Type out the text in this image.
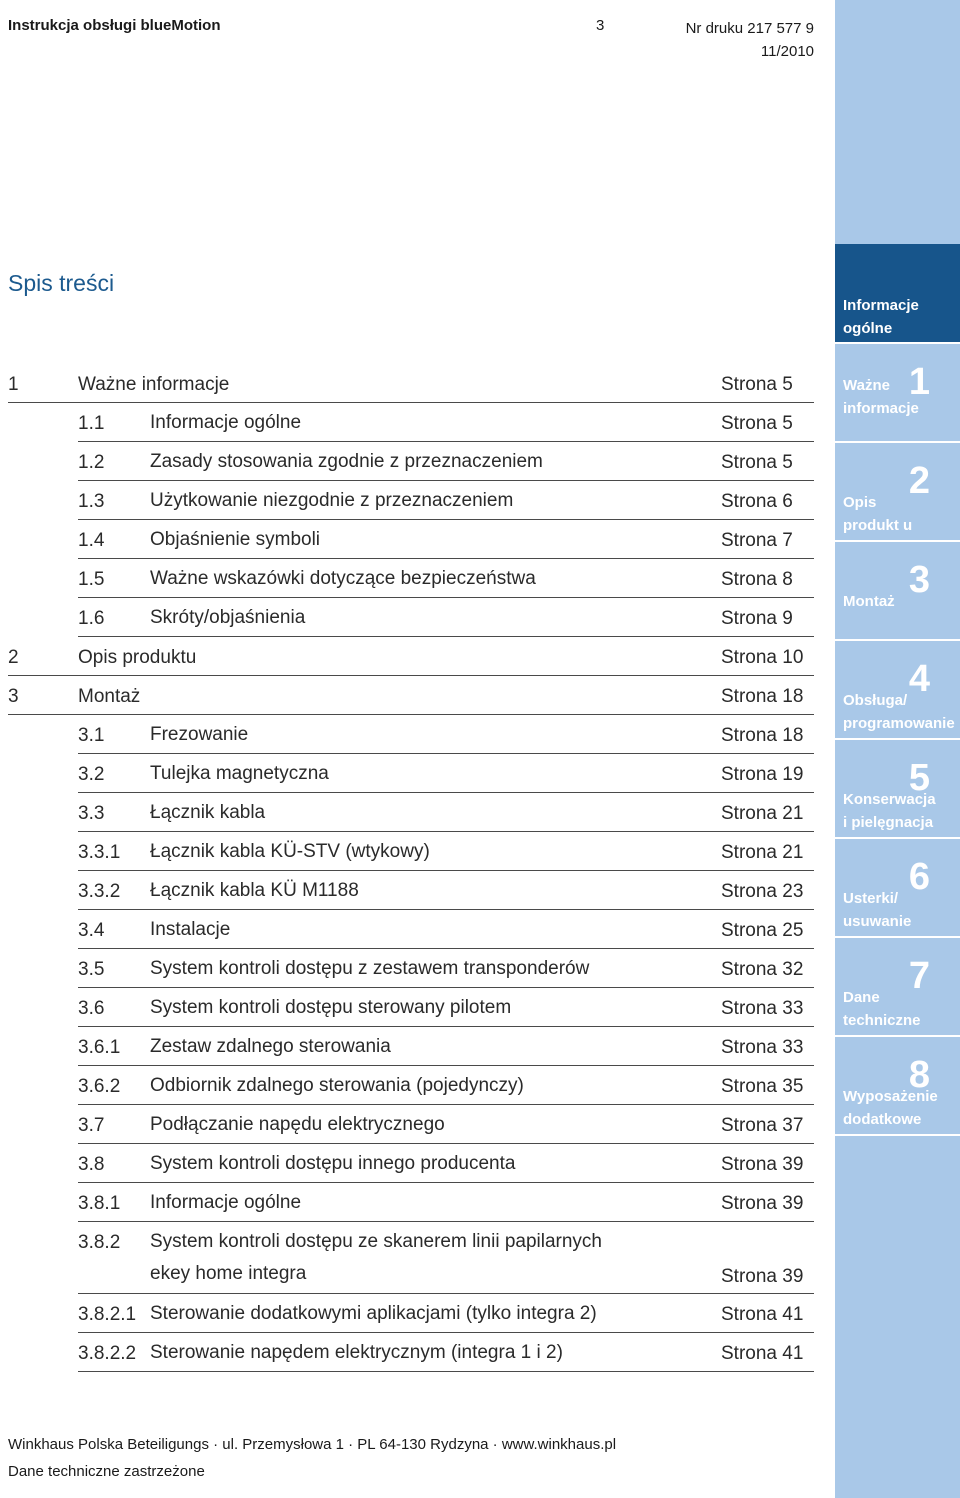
Instrukcja obsługi blueMotion	3	Nr druku 217 577 9
11/2010
Spis treści
1	Ważne informacje	Strona 5
1.1 Informacje ogólne	Strona 5
1.2 Zasady stosowania zgodnie z przeznaczeniem	Strona 5
1.3 Użytkowanie niezgodnie z przeznaczeniem	Strona 6
1.4 Objaśnienie symboli	Strona 7
1.5 Ważne wskazówki dotyczące bezpieczeństwa	Strona 8
1.6 Skróty/objaśnienia	Strona 9
2	Opis produktu	Strona 10
3	Montaż	Strona 18
3.1 Frezowanie	Strona 18
3.2 Tulejka magnetyczna	Strona 19
3.3 Łącznik kabla	Strona 21
3.3.1 Łącznik kabla KÜ-STV (wtykowy)	Strona 21
3.3.2 Łącznik kabla KÜ M1188	Strona 23
3.4 Instalacje	Strona 25
3.5 System kontroli dostępu z zestawem transponderów	Strona 32
3.6 System kontroli dostępu sterowany pilotem	Strona 33
3.6.1 Zestaw zdalnego sterowania	Strona 33
3.6.2 Odbiornik zdalnego sterowania (pojedynczy)	Strona 35
3.7 Podłączanie napędu elektrycznego	Strona 37
3.8 System kontroli dostępu innego producenta	Strona 39
3.8.1 Informacje ogólne	Strona 39
3.8.2 System kontroli dostępu ze skanerem linii papilarnych
ekey home integra	Strona 39
3.8.2.1 Sterowanie dodatkowymi aplikacjami (tylko integra 2)	Strona 41
3.8.2.2 Sterowanie napędem elektrycznym (integra 1 i 2)	Strona 41
Informacje
ogólne
1
Ważne
informacje
2
Opis
produkt u
3
Montaż
4
Obsługa/
programowanie
5
Konserwacja
i pielęgnacja
6
Usterki/
usuwanie
7
Dane
techniczne
8
Wyposażenie
dodatkowe
Winkhaus Polska Beteiligungs · ul. Przemysłowa 1 · PL 64-130 Rydzyna · www.winkhaus.pl
Dane techniczne zastrzeżone
